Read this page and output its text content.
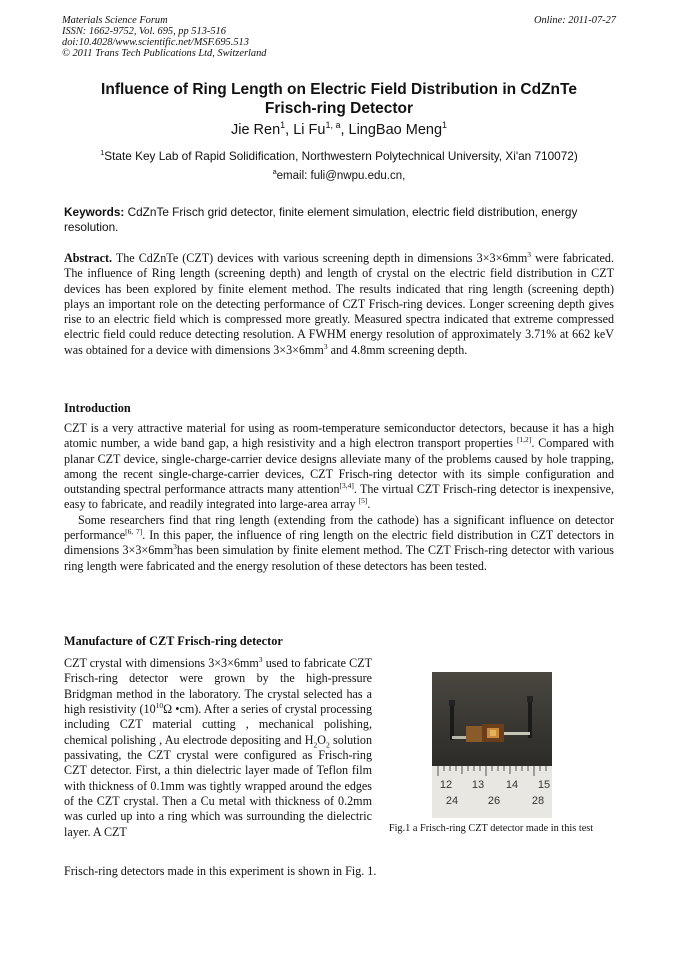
Materials Science Forum
ISSN: 1662-9752, Vol. 695, pp 513-516
doi:10.4028/www.scientific.net/MSF.695.513
© 2011 Trans Tech Publications Ltd, Switzerland
Online: 2011-07-27
Influence of Ring Length on Electric Field Distribution in CdZnTe
Frisch-ring Detector
Jie Ren$^1$, Li Fu$^{1, a}$, LingBao Meng$^1$
$^1$State Key Lab of Rapid Solidification, Northwestern Polytechnical University, Xi'an 710072)
$^a$email: fuli@nwpu.edu.cn,
Keywords: CdZnTe Frisch grid detector, finite element simulation, electric field distribution, energy resolution.
Abstract. The CdZnTe (CZT) devices with various screening depth in dimensions $3\times 3\times 6mm^3$ were fabricated. The influence of Ring length (screening depth) and length of crystal on the electric field distribution in CZT devices has been explored by finite element method. The results indicated that ring length (screening depth) plays an important role on the detecting performance of CZT Frisch-ring devices. Longer screening depth gives rise to an electric field which is compressed more greatly. Measured spectra indicated that extreme compressed electric field could reduce detecting resolution. A FWHM energy resolution of approximately 3.71% at 662 keV was obtained for a device with dimensions $3\times 3\times 6mm^3$ and 4.8mm screening depth.
Introduction

CZT is a very attractive material for using as room-temperature semiconductor detectors, because it has a high atomic number, a wide band gap, a high resistivity and a high electron transport properties [1,2]. Compared with planar CZT device, single-charge-carrier device designs alleviate many of the problems caused by hole trapping, among the recent single-charge-carrier devices, CZT Frisch-ring detector with its simple configuration and outstanding spectral performance attracts many attention[3,4]. The virtual CZT Frisch-ring detector is inexpensive, easy to fabricate, and readily integrated into large-area array [5].

Some researchers find that ring length (extending from the cathode) has a significant influence on detector performance[6, 7]. In this paper, the influence of ring length on the electric field distribution in CZT detectors in dimensions $3\times 3\times 6mm^3has$ been simulation by finite element method. The CZT Frisch-ring detector with various ring length were fabricated and the energy resolution of these detectors has been tested.

Manufacture of CZT Frisch-ring detector
CZT crystal with dimensions $3\times 3\times 6mm^3$ used to fabricate CZT Frisch-ring detector were grown by the high-pressure Bridgman method in the laboratory. The crystal selected has a high resistivity ($10^{10}\Omega$ •cm). After a series of crystal processing including CZT material cutting , mechanical polishing, chemical polishing , Au electrode depositing and $H_2O_2$ solution passivating, the CZT crystal were configured as Frisch-ring CZT detector. First, a thin dielectric layer made of Teflon film with thickness of 0.1mm was tightly wrapped around the edges of the CZT crystal. Then a Cu metal with thickness of 0.2mm was curled up into a ring which was surrounding the dielectric layer. A CZT
Frisch-ring detectors made in this experiment is shown in Fig. 1.
12 13 14 15
24	26	28
Fig.1 a Frisch-ring CZT detector made in this test
